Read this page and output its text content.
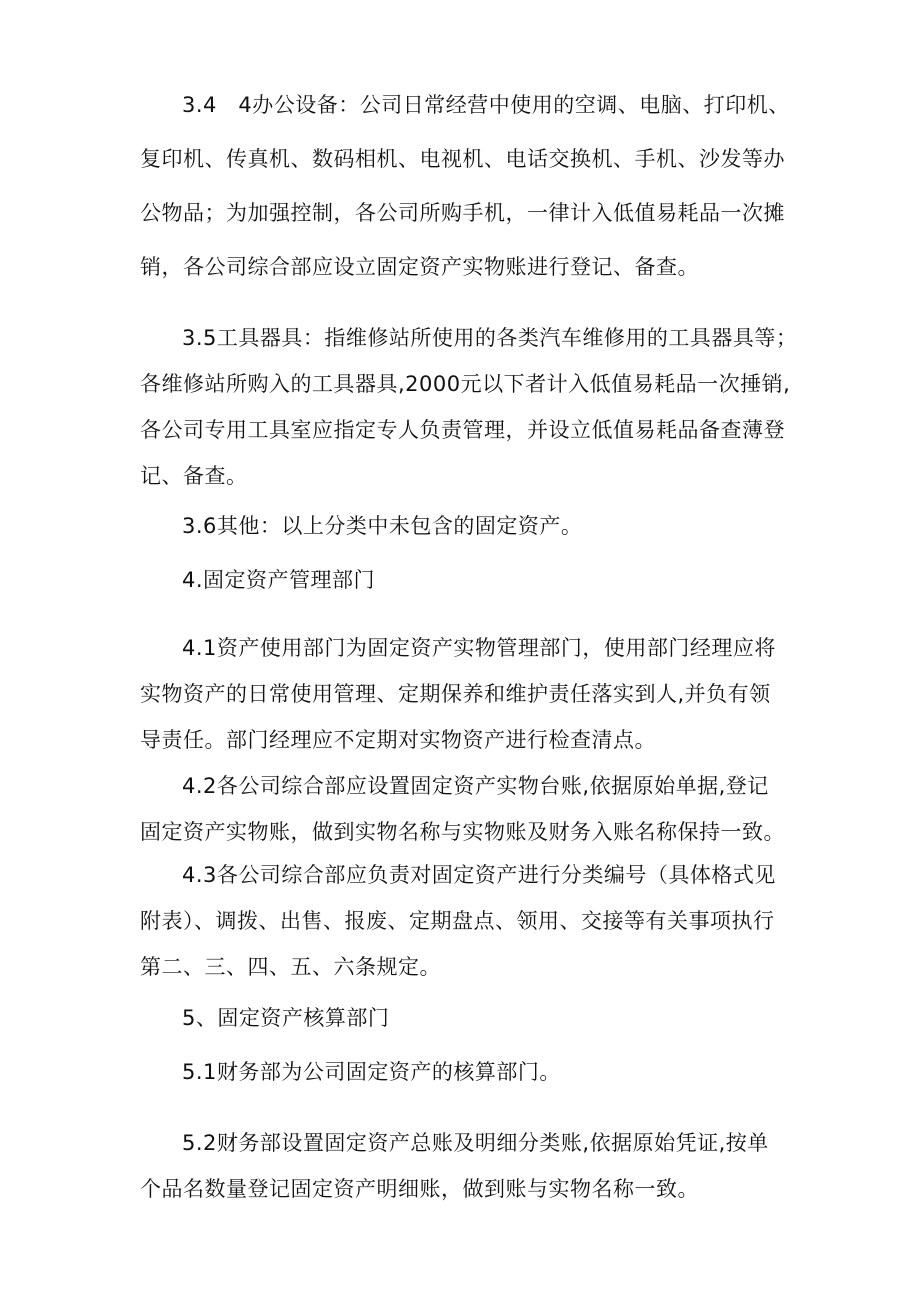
3.4　4办公设备：公司日常经营中使用的空调、电脑、打印机、
复印机、传真机、数码相机、电视机、电话交换机、手机、沙发等办
公物品；为加强控制，各公司所购手机，一律计入低值易耗品一次摊
销，各公司综合部应设立固定资产实物账进行登记、备查。
3.5工具器具：指维修站所使用的各类汽车维修用的工具器具等；
各维修站所购入的工具器具,2000元以下者计入低值易耗品一次捶销,
各公司专用工具室应指定专人负责管理，并设立低值易耗品备查薄登
记、备查。
3.6其他：以上分类中未包含的固定资产。
4.固定资产管理部门
4.1资产使用部门为固定资产实物管理部门，使用部门经理应将
实物资产的日常使用管理、定期保养和维护责任落实到人,并负有领
导责任。部门经理应不定期对实物资产进行检查清点。
4.2各公司综合部应设置固定资产实物台账,依据原始单据,登记
固定资产实物账，做到实物名称与实物账及财务入账名称保持一致。
4.3各公司综合部应负责对固定资产进行分类编号（具体格式见
附表）、调拨、出售、报废、定期盘点、领用、交接等有关事项执行
第二、三、四、五、六条规定。
5、固定资产核算部门
5.1财务部为公司固定资产的核算部门。
5.2财务部设置固定资产总账及明细分类账,依据原始凭证,按单
个品名数量登记固定资产明细账，做到账与实物名称一致。
